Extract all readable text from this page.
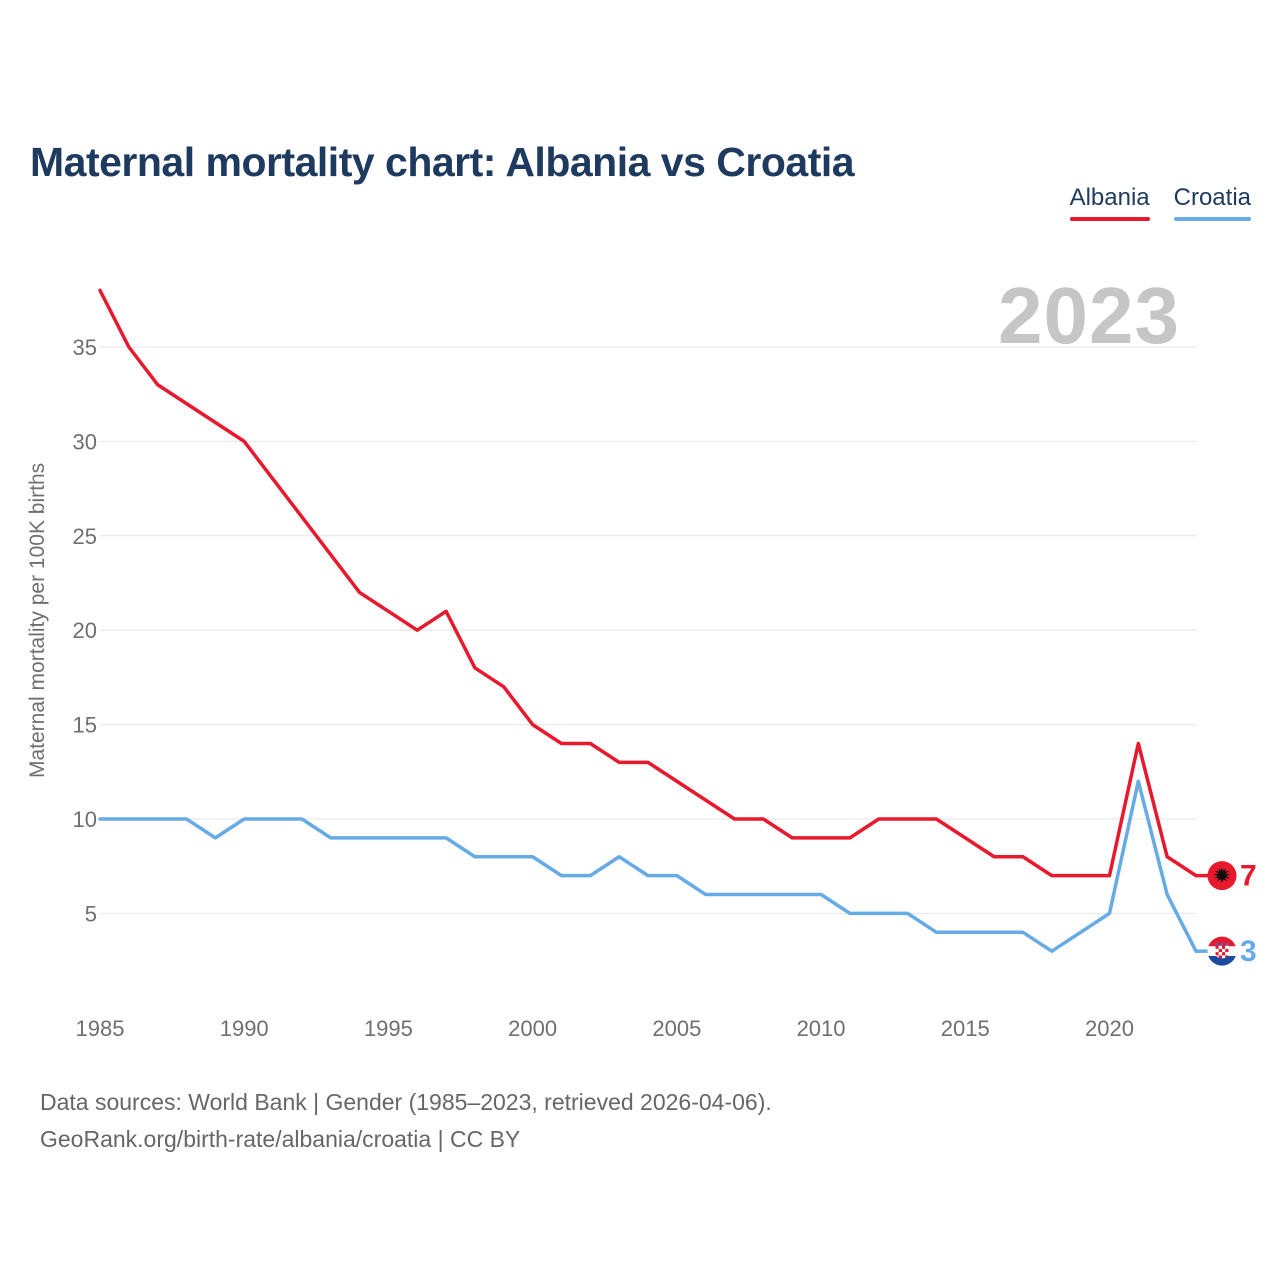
Maternal mortality chart: Albania vs Croatia
Albania Croatia
2023
Maternal mortality per 100K births
5
10
15
20
25
30
35
1985	1990	1995	2000	2005	2010	2015	2020
7
3
Data sources: World Bank | Gender (1985–2023, retrieved 2026-04-06).
GeoRank.org/birth-rate/albania/croatia | CC BY
